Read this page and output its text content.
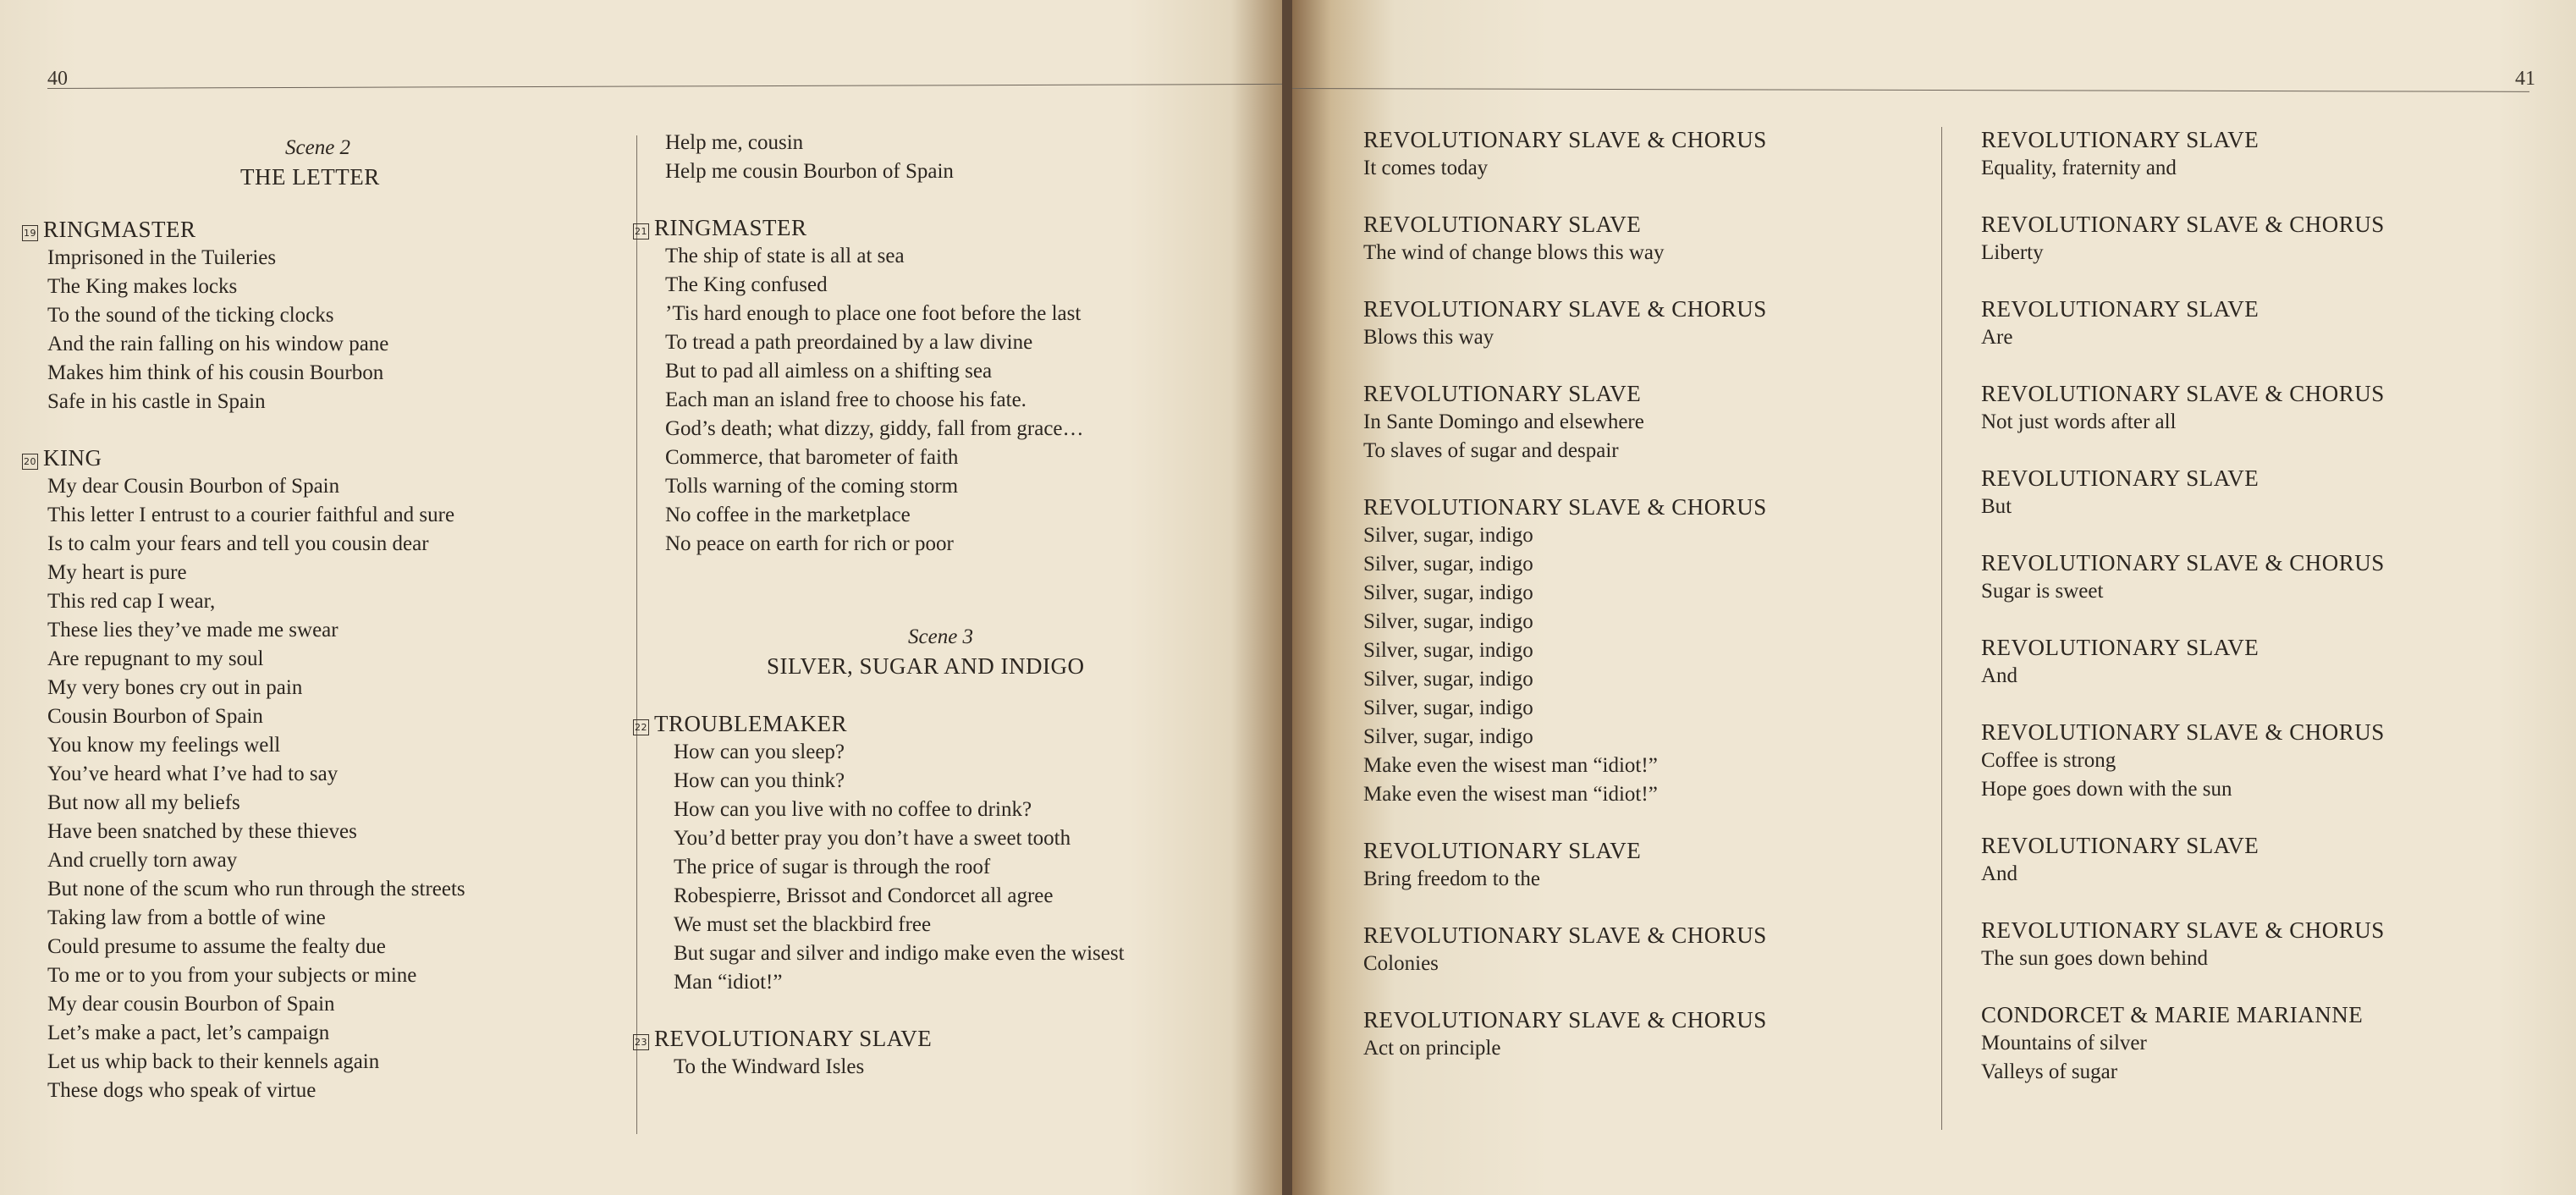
40
Scene 2
THE LETTER
19 RINGMASTER
Imprisoned in the Tuileries
The King makes locks
To the sound of the ticking clocks
And the rain falling on his window pane
Makes him think of his cousin Bourbon
Safe in his castle in Spain
20 KING
My dear Cousin Bourbon of Spain
This letter I entrust to a courier faithful and sure
Is to calm your fears and tell you cousin dear
My heart is pure
This red cap I wear,
These lies they’ve made me swear
Are repugnant to my soul
My very bones cry out in pain
Cousin Bourbon of Spain
You know my feelings well
You’ve heard what I’ve had to say
But now all my beliefs
Have been snatched by these thieves
And cruelly torn away
But none of the scum who run through the streets
Taking law from a bottle of wine
Could presume to assume the fealty due
To me or to you from your subjects or mine
My dear cousin Bourbon of Spain
Let’s make a pact, let’s campaign
Let us whip back to their kennels again
These dogs who speak of virtue
Help me, cousin
Help me cousin Bourbon of Spain
21 RINGMASTER
The ship of state is all at sea
The King confused
’Tis hard enough to place one foot before the last
To tread a path preordained by a law divine
But to pad all aimless on a shifting sea
Each man an island free to choose his fate.
God’s death; what dizzy, giddy, fall from grace…
Commerce, that barometer of faith
Tolls warning of the coming storm
No coffee in the marketplace
No peace on earth for rich or poor
Scene 3
SILVER, SUGAR AND INDIGO
22 TROUBLEMAKER
How can you sleep?
How can you think?
How can you live with no coffee to drink?
You’d better pray you don’t have a sweet tooth
The price of sugar is through the roof
Robespierre, Brissot and Condorcet all agree
We must set the blackbird free
But sugar and silver and indigo make even the wisest
Man “idiot!”
23 REVOLUTIONARY SLAVE
To the Windward Isles
41
REVOLUTIONARY SLAVE & CHORUS
It comes today
REVOLUTIONARY SLAVE
The wind of change blows this way
REVOLUTIONARY SLAVE & CHORUS
Blows this way
REVOLUTIONARY SLAVE
In Sante Domingo and elsewhere
To slaves of sugar and despair
REVOLUTIONARY SLAVE & CHORUS
Silver, sugar, indigo
Silver, sugar, indigo
Silver, sugar, indigo
Silver, sugar, indigo
Silver, sugar, indigo
Silver, sugar, indigo
Silver, sugar, indigo
Silver, sugar, indigo
Make even the wisest man “idiot!”
Make even the wisest man “idiot!”
REVOLUTIONARY SLAVE
Bring freedom to the
REVOLUTIONARY SLAVE & CHORUS
Colonies
REVOLUTIONARY SLAVE & CHORUS
Act on principle
REVOLUTIONARY SLAVE
Equality, fraternity and
REVOLUTIONARY SLAVE & CHORUS
Liberty
REVOLUTIONARY SLAVE
Are
REVOLUTIONARY SLAVE & CHORUS
Not just words after all
REVOLUTIONARY SLAVE
But
REVOLUTIONARY SLAVE & CHORUS
Sugar is sweet
REVOLUTIONARY SLAVE
And
REVOLUTIONARY SLAVE & CHORUS
Coffee is strong
Hope goes down with the sun
REVOLUTIONARY SLAVE
And
REVOLUTIONARY SLAVE & CHORUS
The sun goes down behind
CONDORCET & MARIE MARIANNE
Mountains of silver
Valleys of sugar
